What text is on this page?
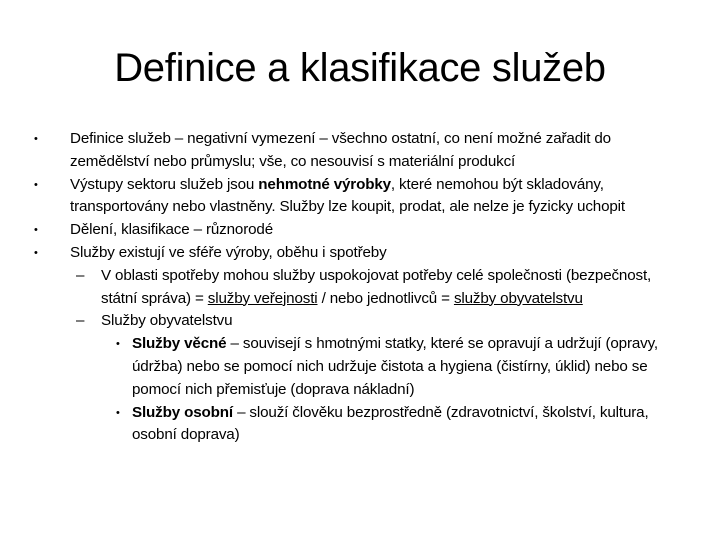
Definice a klasifikace služeb
• Definice služeb – negativní vymezení – všechno ostatní, co není možné zařadit do zemědělství nebo průmyslu; vše, co nesouvisí s materiální produkcí
• Výstupy sektoru služeb jsou nehmotné výrobky, které nemohou být skladovány, transportovány nebo vlastněny. Služby lze koupit, prodat, ale nelze je fyzicky uchopit
• Dělení, klasifikace – různorodé
• Služby existují ve sféře výroby, oběhu i spotřeby
– V oblasti spotřeby mohou služby uspokojovat potřeby celé společnosti (bezpečnost, státní správa) = služby veřejnosti / nebo jednotlivců = služby obyvatelstvu
– Služby obyvatelstvu
• Služby věcné – souvisejí s hmotnými statky, které se opravují a udržují (opravy, údržba) nebo se pomocí nich udržuje čistota a hygiena (čistírny, úklid) nebo se pomocí nich přemisťuje (doprava nákladní)
• Služby osobní – slouží člověku bezprostředně (zdravotnictví, školství, kultura, osobní doprava)
